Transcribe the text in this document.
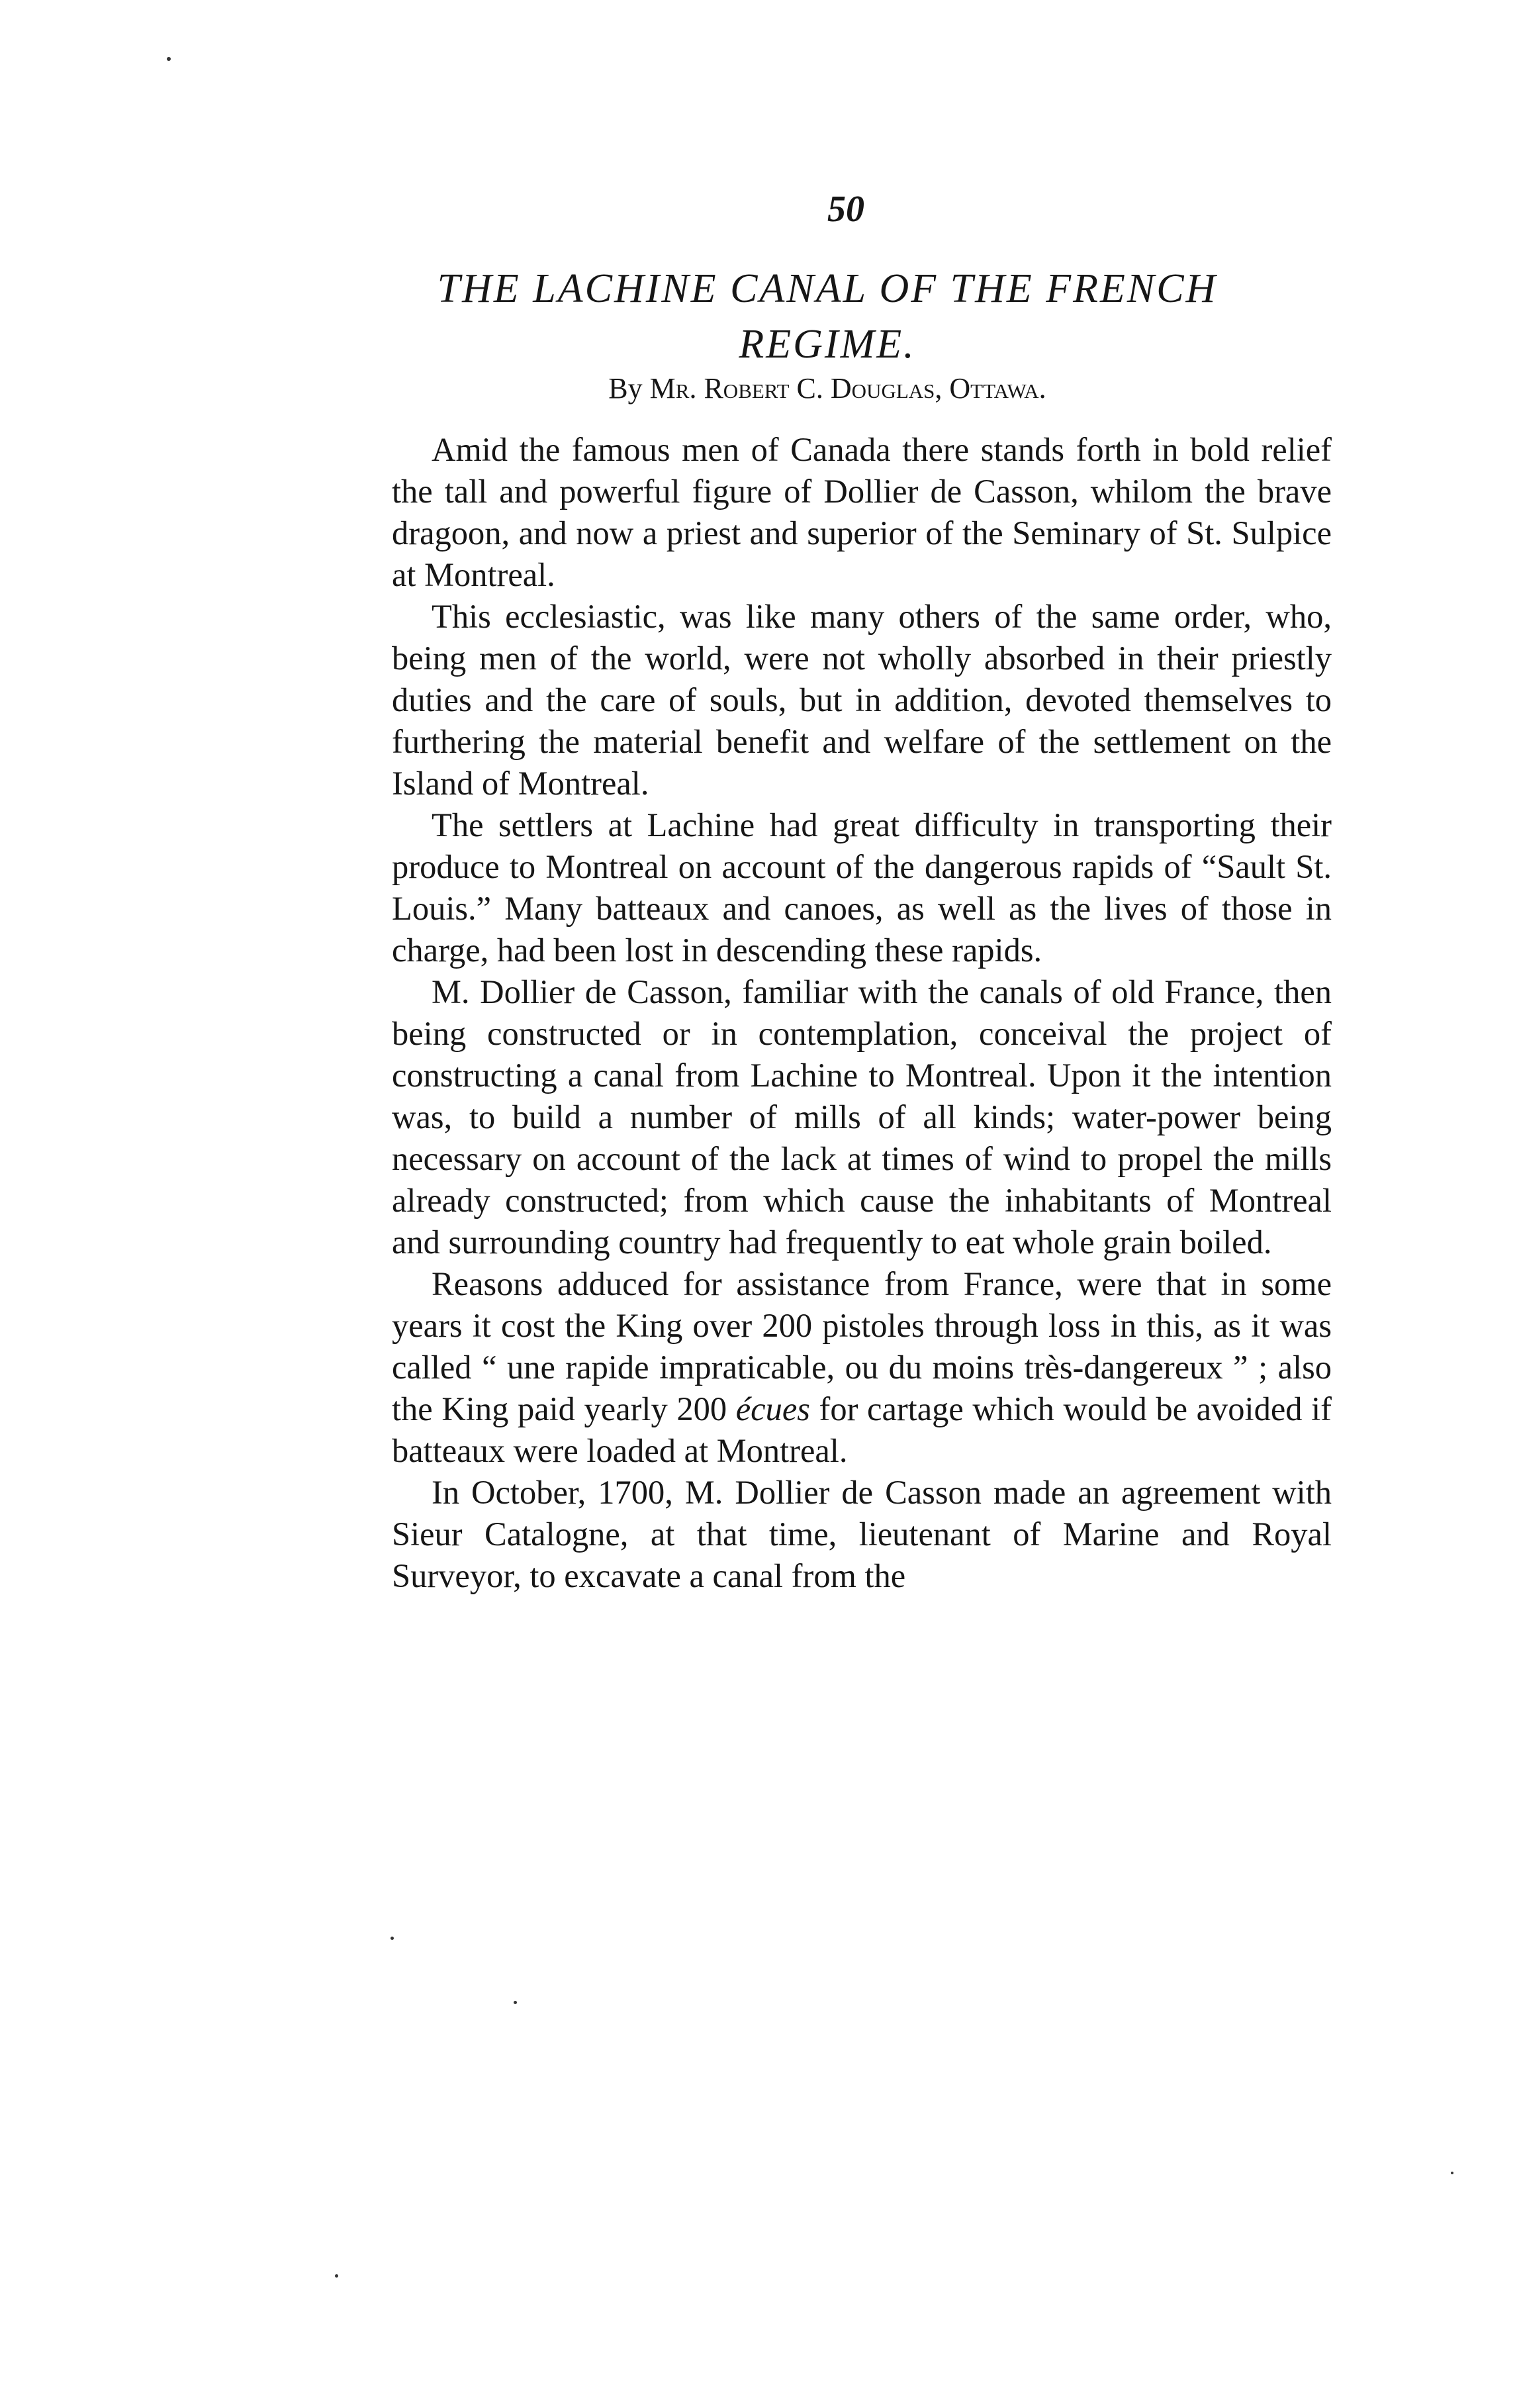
50
THE LACHINE CANAL OF THE FRENCH
REGIME.
By Mr. Robert C. Douglas, Ottawa.

Amid the famous men of Canada there stands forth in bold relief the tall and powerful figure of Dollier de Casson, whilom the brave dragoon, and now a priest and superior of the Seminary of St. Sulpice at Montreal.

This ecclesiastic, was like many others of the same order, who, being men of the world, were not wholly absorbed in their priestly duties and the care of souls, but in addition, devoted themselves to furthering the material benefit and welfare of the settlement on the Island of Montreal.

The settlers at Lachine had great difficulty in transporting their produce to Montreal on account of the dangerous rapids of “Sault St. Louis.” Many batteaux and canoes, as well as the lives of those in charge, had been lost in descending these rapids.

M. Dollier de Casson, familiar with the canals of old France, then being constructed or in contemplation, conceival the project of constructing a canal from Lachine to Montreal. Upon it the intention was, to build a number of mills of all kinds; water-power being necessary on account of the lack at times of wind to propel the mills already constructed; from which cause the inhabitants of Montreal and surrounding country had frequently to eat whole grain boiled.

Reasons adduced for assistance from France, were that in some years it cost the King over 200 pistoles through loss in this, as it was called “ une rapide impraticable, ou du moins très-dangereux ” ; also the King paid yearly 200 écues for cartage which would be avoided if batteaux were loaded at Montreal.

In October, 1700, M. Dollier de Casson made an agreement with Sieur Catalogne, at that time, lieutenant of Marine and Royal Surveyor, to excavate a canal from the
